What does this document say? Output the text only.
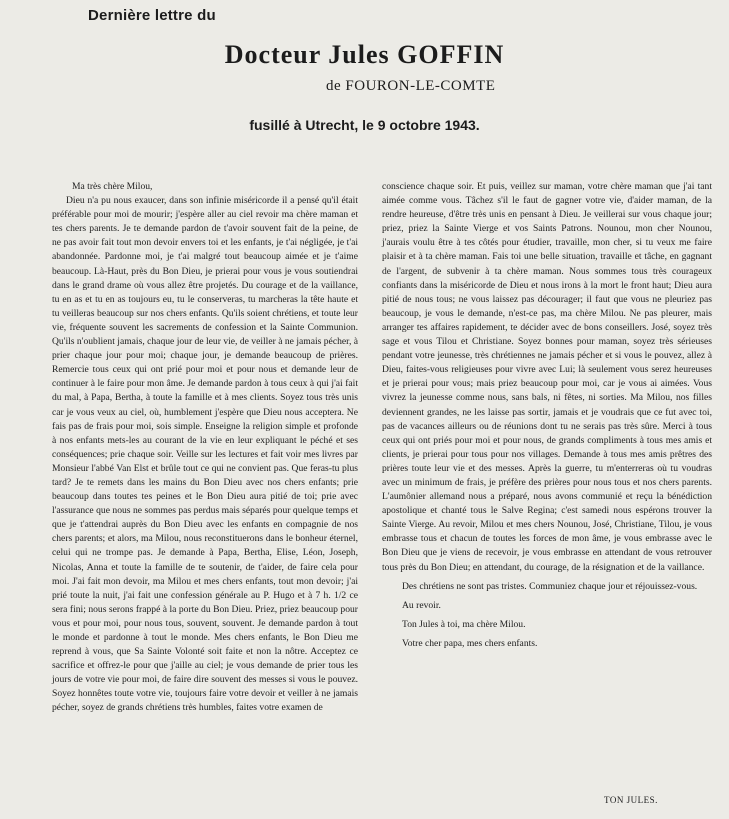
Dernière lettre du
Docteur Jules GOFFIN
de FOURON-LE-COMTE
fusillé à Utrecht, le 9 octobre 1943.

Ma très chère Milou,

Dieu n'a pu nous exaucer, dans son infinie miséricorde il a pensé qu'il était préférable pour moi de mourir; j'espère aller au ciel revoir ma chère maman et tes chers parents. Je te demande pardon de t'avoir souvent fait de la peine, de ne pas avoir fait tout mon devoir envers toi et les enfants, je t'ai négligée, je t'ai abandonnée. Pardonne moi, je t'ai malgré tout beaucoup aimée et je t'aime beaucoup. Là-Haut, près du Bon Dieu, je prierai pour vous je vous soutiendrai dans le grand drame où vous allez être projetés. Du courage et de la vaillance, tu en as et tu en as toujours eu, tu le conserveras, tu marcheras la tête haute et tu veilleras beaucoup sur nos chers enfants. Qu'ils soient chrétiens, et toute leur vie, fréquente souvent les sacrements de confession et la Sainte Communion. Qu'ils n'oublient jamais, chaque jour de leur vie, de veiller à ne jamais pécher, à prier chaque jour pour moi; chaque jour, je demande beaucoup de prières. Remercie tous ceux qui ont prié pour moi et pour nous et demande leur de continuer à le faire pour mon âme. Je demande pardon à tous ceux à qui j'ai fait du mal, à Papa, Bertha, à toute la famille et à mes clients. Soyez tous très unis car je vous veux au ciel, où, humblement j'espère que Dieu nous acceptera. Ne fais pas de frais pour moi, sois simple. Enseigne la religion simple et profonde à nos enfants mets-les au courant de la vie en leur expliquant le péché et ses conséquences; prie chaque soir. Veille sur les lectures et fait voir mes livres par Monsieur l'abbé Van Elst et brûle tout ce qui ne convient pas. Que feras-tu plus tard? Je te remets dans les mains du Bon Dieu avec nos chers enfants; prie beaucoup dans toutes tes peines et le Bon Dieu aura pitié de toi; prie avec l'assurance que nous ne sommes pas perdus mais séparés pour quelque temps et que je t'attendrai auprès du Bon Dieu avec les enfants en compagnie de nos chers parents; et alors, ma Milou, nous reconstituerons dans le bonheur éternel, celui qui ne trompe pas. Je demande à Papa, Bertha, Elise, Léon, Joseph, Nicolas, Anna et toute la famille de te soutenir, de t'aider, de faire cela pour moi. J'ai fait mon devoir, ma Milou et mes chers enfants, tout mon devoir; j'ai prié toute la nuit, j'ai fait une confession générale au P. Hugo et à 7 h. 1/2 ce sera fini; nous serons frappé à la porte du Bon Dieu. Priez, priez beaucoup pour vous et pour moi, pour nous tous, souvent, souvent. Je demande pardon à tout le monde et pardonne à tout le monde. Mes chers enfants, le Bon Dieu me reprend à vous, que Sa Sainte Volonté soit faite et non la nôtre. Acceptez ce sacrifice et offrez-le pour que j'aille au ciel; je vous demande de prier tous les jours de votre vie pour moi, de faire dire souvent des messes si vous le pouvez. Soyez honnêtes toute votre vie, toujours faire votre devoir et veiller à ne jamais pécher, soyez de grands chrétiens très humbles, faites votre examen de

conscience chaque soir. Et puis, veillez sur maman, votre chère maman que j'ai tant aimée comme vous. Tâchez s'il le faut de gagner votre vie, d'aider maman, de la rendre heureuse, d'être très unis en pensant à Dieu. Je veillerai sur vous chaque jour; priez, priez la Sainte Vierge et vos Saints Patrons. Nounou, mon cher Nounou, j'aurais voulu être à tes côtés pour étudier, travaille, mon cher, si tu veux me faire plaisir et à ta chère maman. Fais toi une belle situation, travaille et tâche, en gagnant de l'argent, de subvenir à ta chère maman. Nous sommes tous très courageux confiants dans la miséricorde de Dieu et nous irons à la mort le front haut; Dieu aura pitié de nous tous; ne vous laissez pas décourager; il faut que vous ne pleuriez pas beaucoup, je vous le demande, n'est-ce pas, ma chère Milou. Ne pas pleurer, mais arranger tes affaires rapidement, te décider avec de bons conseillers. José, soyez très sage et vous Tilou et Christiane. Soyez bonnes pour maman, soyez très sérieuses pendant votre jeunesse, très chrétiennes ne jamais pécher et si vous le pouvez, allez à Dieu, faites-vous religieuses pour vivre avec Lui; là seulement vous serez heureuses et je prierai pour vous; mais priez beaucoup pour moi, car je vous ai aimées. Vous vivrez la jeunesse comme nous, sans bals, ni fêtes, ni sorties. Ma Milou, nos filles deviennent grandes, ne les laisse pas sortir, jamais et je voudrais que ce fut avec toi, pas de vacances ailleurs ou de réunions dont tu ne serais pas très sûre. Merci à tous ceux qui ont priés pour moi et pour nous, de grands compliments à tous mes amis et clients, je prierai pour tous pour nos villages. Demande à tous mes amis prêtres des prières toute leur vie et des messes. Après la guerre, tu m'enterreras où tu voudras avec un minimum de frais, je préfère des prières pour nous tous et nos chers parents. L'aumônier allemand nous a préparé, nous avons communié et reçu la bénédiction apostolique et chanté tous le Salve Regina; c'est samedi nous espérons trouver la Sainte Vierge. Au revoir, Milou et mes chers Nounou, José, Christiane, Tilou, je vous embrasse tous et chacun de toutes les forces de mon âme, je vous embrasse avec le Bon Dieu que je viens de recevoir, je vous embrasse en attendant de vous retrouver tous près du Bon Dieu; en attendant, du courage, de la résignation et de la vaillance.

Des chrétiens ne sont pas tristes. Communiez chaque jour et réjouissez-vous.

Au revoir.

Ton Jules à toi, ma chère Milou.

Votre cher papa, mes chers enfants.

TON JULES.
